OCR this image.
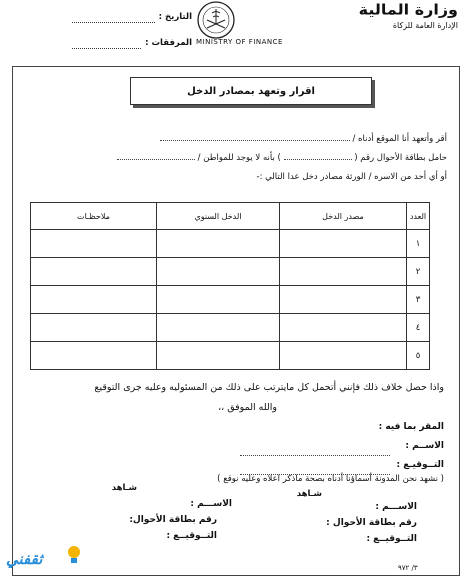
التاريخ :
المرفقات : MINISTRY OF FINANCE
وزارة المالية
الإدارة العامة للزكاة
اقرار وتعهد بمصادر الدخل
أقر وأتعهد أنا الموقع أدناه /
حامل بطاقة الأحوال رقم (  ) بأنه لا يوجد للمواطن /
أو أي أحد من الاسره / الورثة مصادر دخل عدا التالي :-
العدد	مصدر الدخل	الدخل السنوي	ملاحظـات
١			
٢			
٣			
٤			
٥			
واذا حصل خلاف ذلك فإنني أتحمل كل مايترتب على ذلك من المسئوليه وعليه جرى التوقيع
والله الموفق ،،
المقر بما فيه :
الاســم :
التــوقيـع :
( نشهد نحن المدونة أسماؤنا أدناه بصحة ماذكر اعلاه وعليه نوقع )
شـاهد
الاســـم :
رقم بطاقة الأحوال :
التــوقيــع :
شـاهد
الاســـم :
رقم بطاقة الأحوال:
التــوقيــع :
٣/ ٩٧٢
ثقفني
